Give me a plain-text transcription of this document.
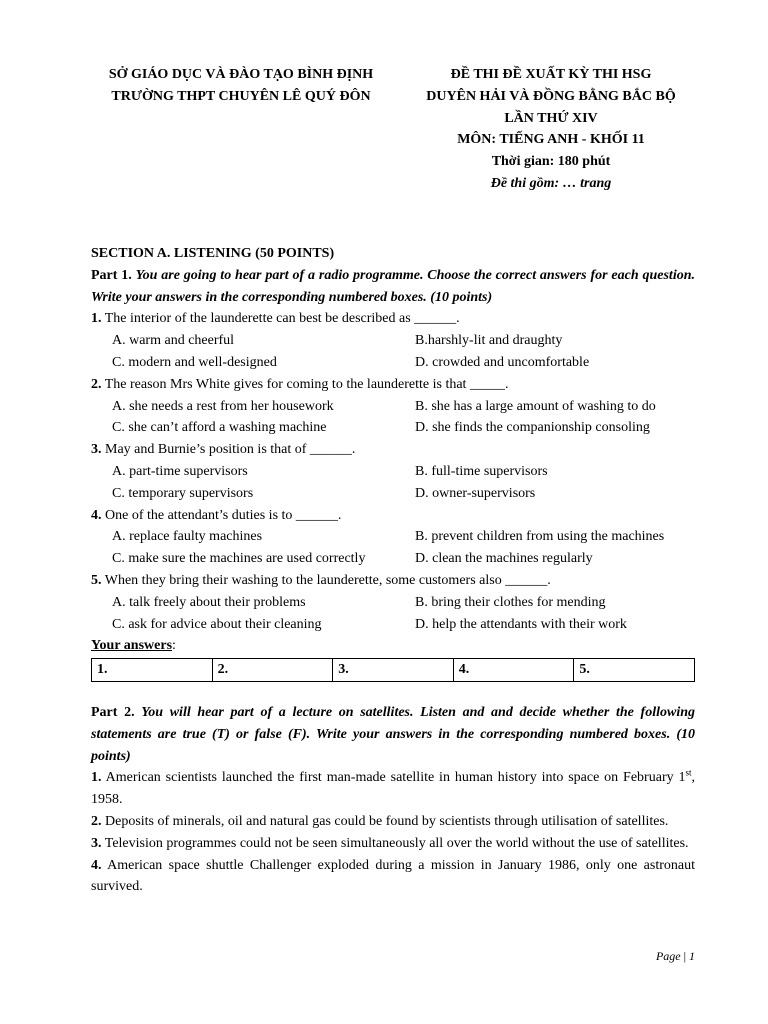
SỞ GIÁO DỤC VÀ ĐÀO TẠO BÌNH ĐỊNH
TRƯỜNG THPT CHUYÊN LÊ QUÝ ĐÔN
ĐỀ THI ĐỀ XUẤT KỲ THI HSG
DUYÊN HẢI VÀ ĐỒNG BẰNG BẮC BỘ
LẦN THỨ XIV
MÔN: TIẾNG ANH - KHỐI 11
Thời gian: 180 phút
Đề thi gồm: … trang
SECTION A. LISTENING (50 POINTS)
Part 1. You are going to hear part of a radio programme. Choose the correct answers for each question. Write your answers in the corresponding numbered boxes. (10 points)
1. The interior of the launderette can best be described as ______.
A. warm and cheerful	B.harshly-lit and draughty
C. modern and well-designed	D. crowded and uncomfortable
2. The reason Mrs White gives for coming to the launderette is that _____.
A. she needs a rest from her housework	B. she has a large amount of washing to do
C. she can’t afford a washing machine	D. she finds the companionship consoling
3. May and Burnie’s position is that of ______.
A. part-time supervisors	B. full-time supervisors
C. temporary supervisors	D. owner-supervisors
4. One of the attendant’s duties is to ______.
A. replace faulty machines	B. prevent children from using the machines
C. make sure the machines are used correctly	D. clean the machines regularly
5. When they bring their washing to the launderette, some customers also ______.
A. talk freely about their problems	B. bring their clothes for mending
C. ask for advice about their cleaning	D. help the attendants with their work
Your answers:
1.	2.	3.	4.	5.
Part 2. You will hear part of a lecture on satellites. Listen and and decide whether the following statements are true (T) or false (F). Write your answers in the corresponding numbered boxes. (10 points)
1. American scientists launched the first man-made satellite in human history into space on February 1st, 1958.
2. Deposits of minerals, oil and natural gas could be found by scientists through utilisation of satellites.
3. Television programmes could not be seen simultaneously all over the world without the use of satellites.
4. American space shuttle Challenger exploded during a mission in January 1986, only one astronaut survived.
Page | 1
